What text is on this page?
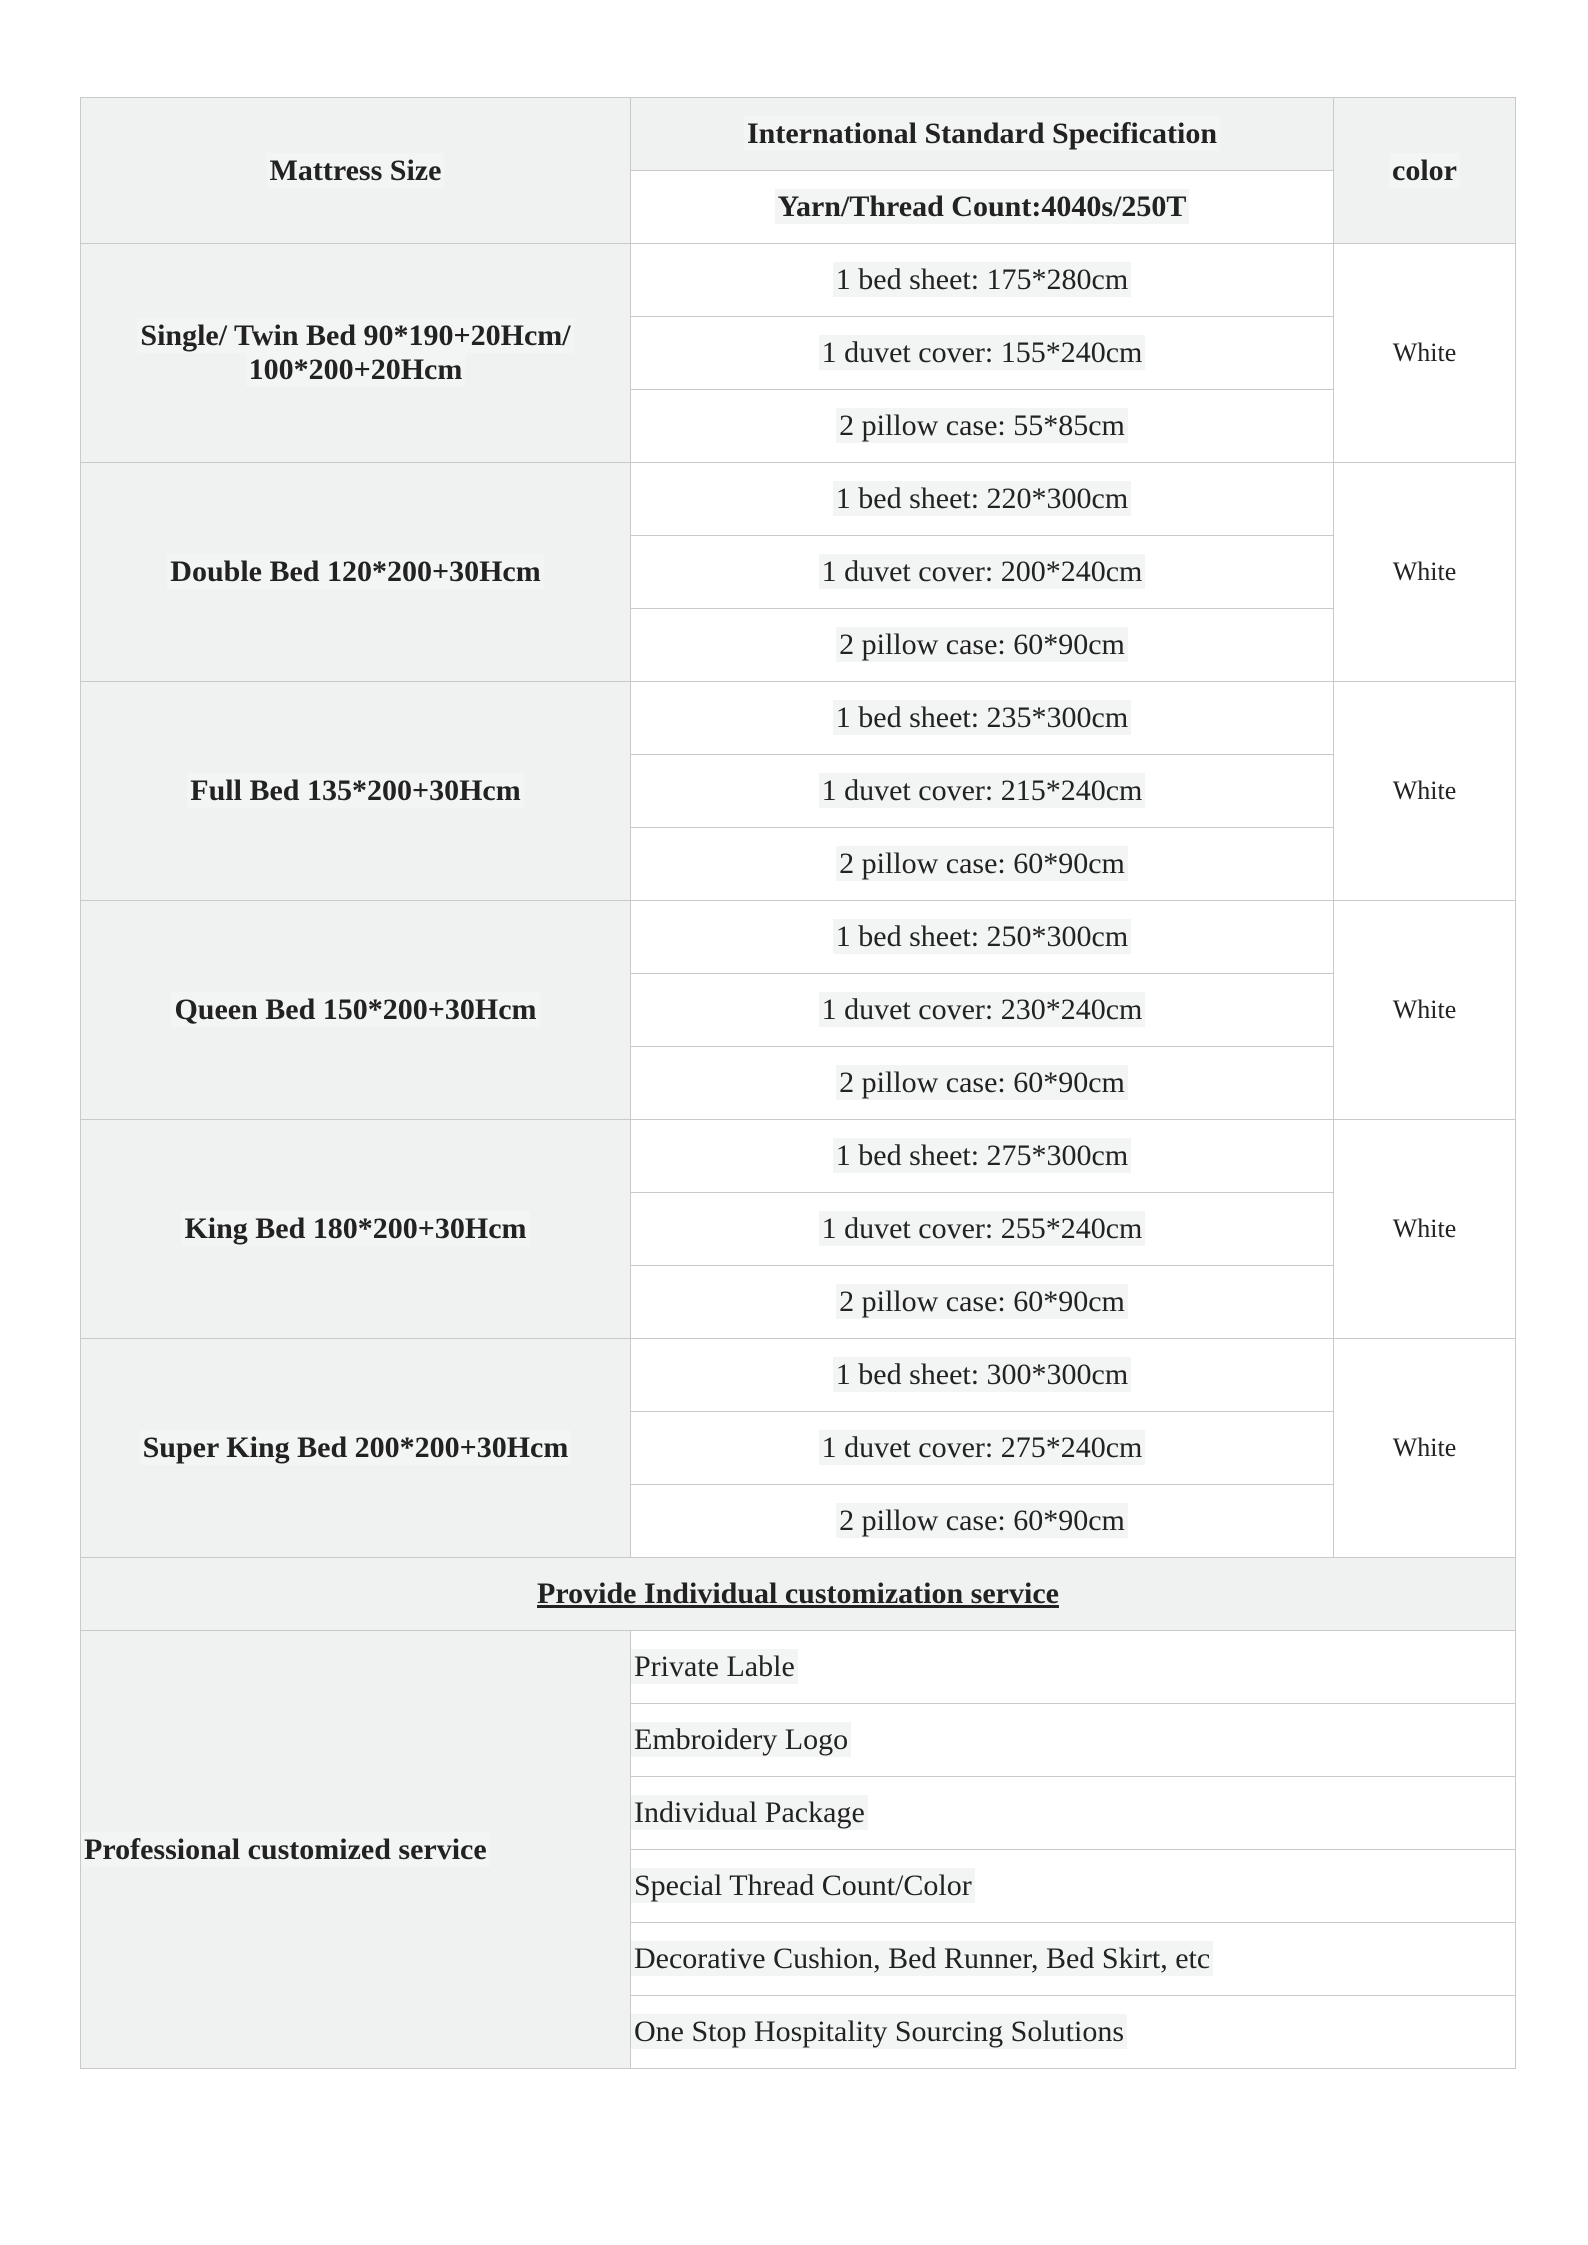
Mattress Size	International Standard Specification	color
	Yarn/Thread Count:4040s/250T	
Single/ Twin Bed 90*190+20Hcm/
100*200+20Hcm	1 bed sheet: 175*280cm	White
	1 duvet cover: 155*240cm	
	2 pillow case: 55*85cm	
Double Bed 120*200+30Hcm	1 bed sheet: 220*300cm	White
	1 duvet cover: 200*240cm	
	2 pillow case: 60*90cm	
Full Bed 135*200+30Hcm	1 bed sheet: 235*300cm	White
	1 duvet cover: 215*240cm	
	2 pillow case: 60*90cm	
Queen Bed 150*200+30Hcm	1 bed sheet: 250*300cm	White
	1 duvet cover: 230*240cm	
	2 pillow case: 60*90cm	
King Bed 180*200+30Hcm	1 bed sheet: 275*300cm	White
	1 duvet cover: 255*240cm	
	2 pillow case: 60*90cm	
Super King Bed 200*200+30Hcm	1 bed sheet: 300*300cm	White
	1 duvet cover: 275*240cm	
	2 pillow case: 60*90cm	
Provide Individual customization service		
Professional customized service	Private Lable	
	Embroidery Logo	
	Individual Package	
	Special Thread Count/Color	
	Decorative Cushion, Bed Runner, Bed Skirt, etc	
	One Stop Hospitality Sourcing Solutions	
